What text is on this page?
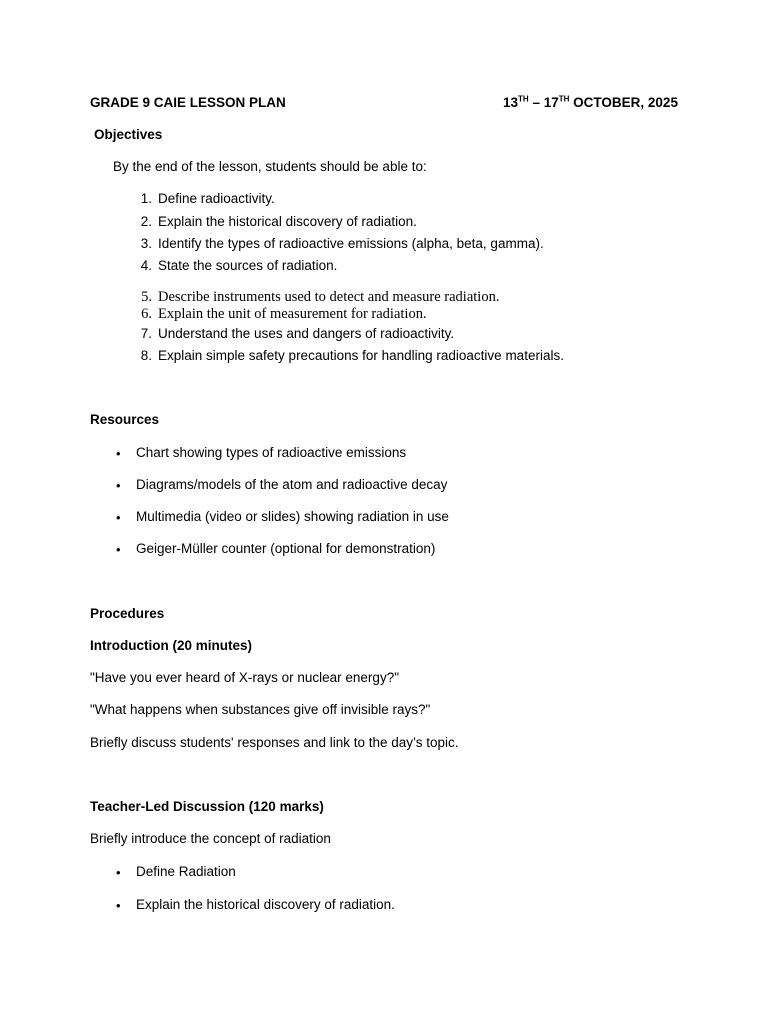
GRADE 9 CAIE LESSON PLAN	13TH – 17TH OCTOBER, 2025
Objectives
By the end of the lesson, students should be able to:
1. Define radioactivity.
2. Explain the historical discovery of radiation.
3. Identify the types of radioactive emissions (alpha, beta, gamma).
4. State the sources of radiation.
5. Describe instruments used to detect and measure radiation.
6. Explain the unit of measurement for radiation.
7. Understand the uses and dangers of radioactivity.
8. Explain simple safety precautions for handling radioactive materials.
Resources
• Chart showing types of radioactive emissions
• Diagrams/models of the atom and radioactive decay
• Multimedia (video or slides) showing radiation in use
• Geiger-Müller counter (optional for demonstration)
Procedures
Introduction (20 minutes)
"Have you ever heard of X-rays or nuclear energy?"
"What happens when substances give off invisible rays?"
Briefly discuss students' responses and link to the day’s topic.
Teacher-Led Discussion (120 marks)
Briefly introduce the concept of radiation
• Define Radiation
• Explain the historical discovery of radiation.
